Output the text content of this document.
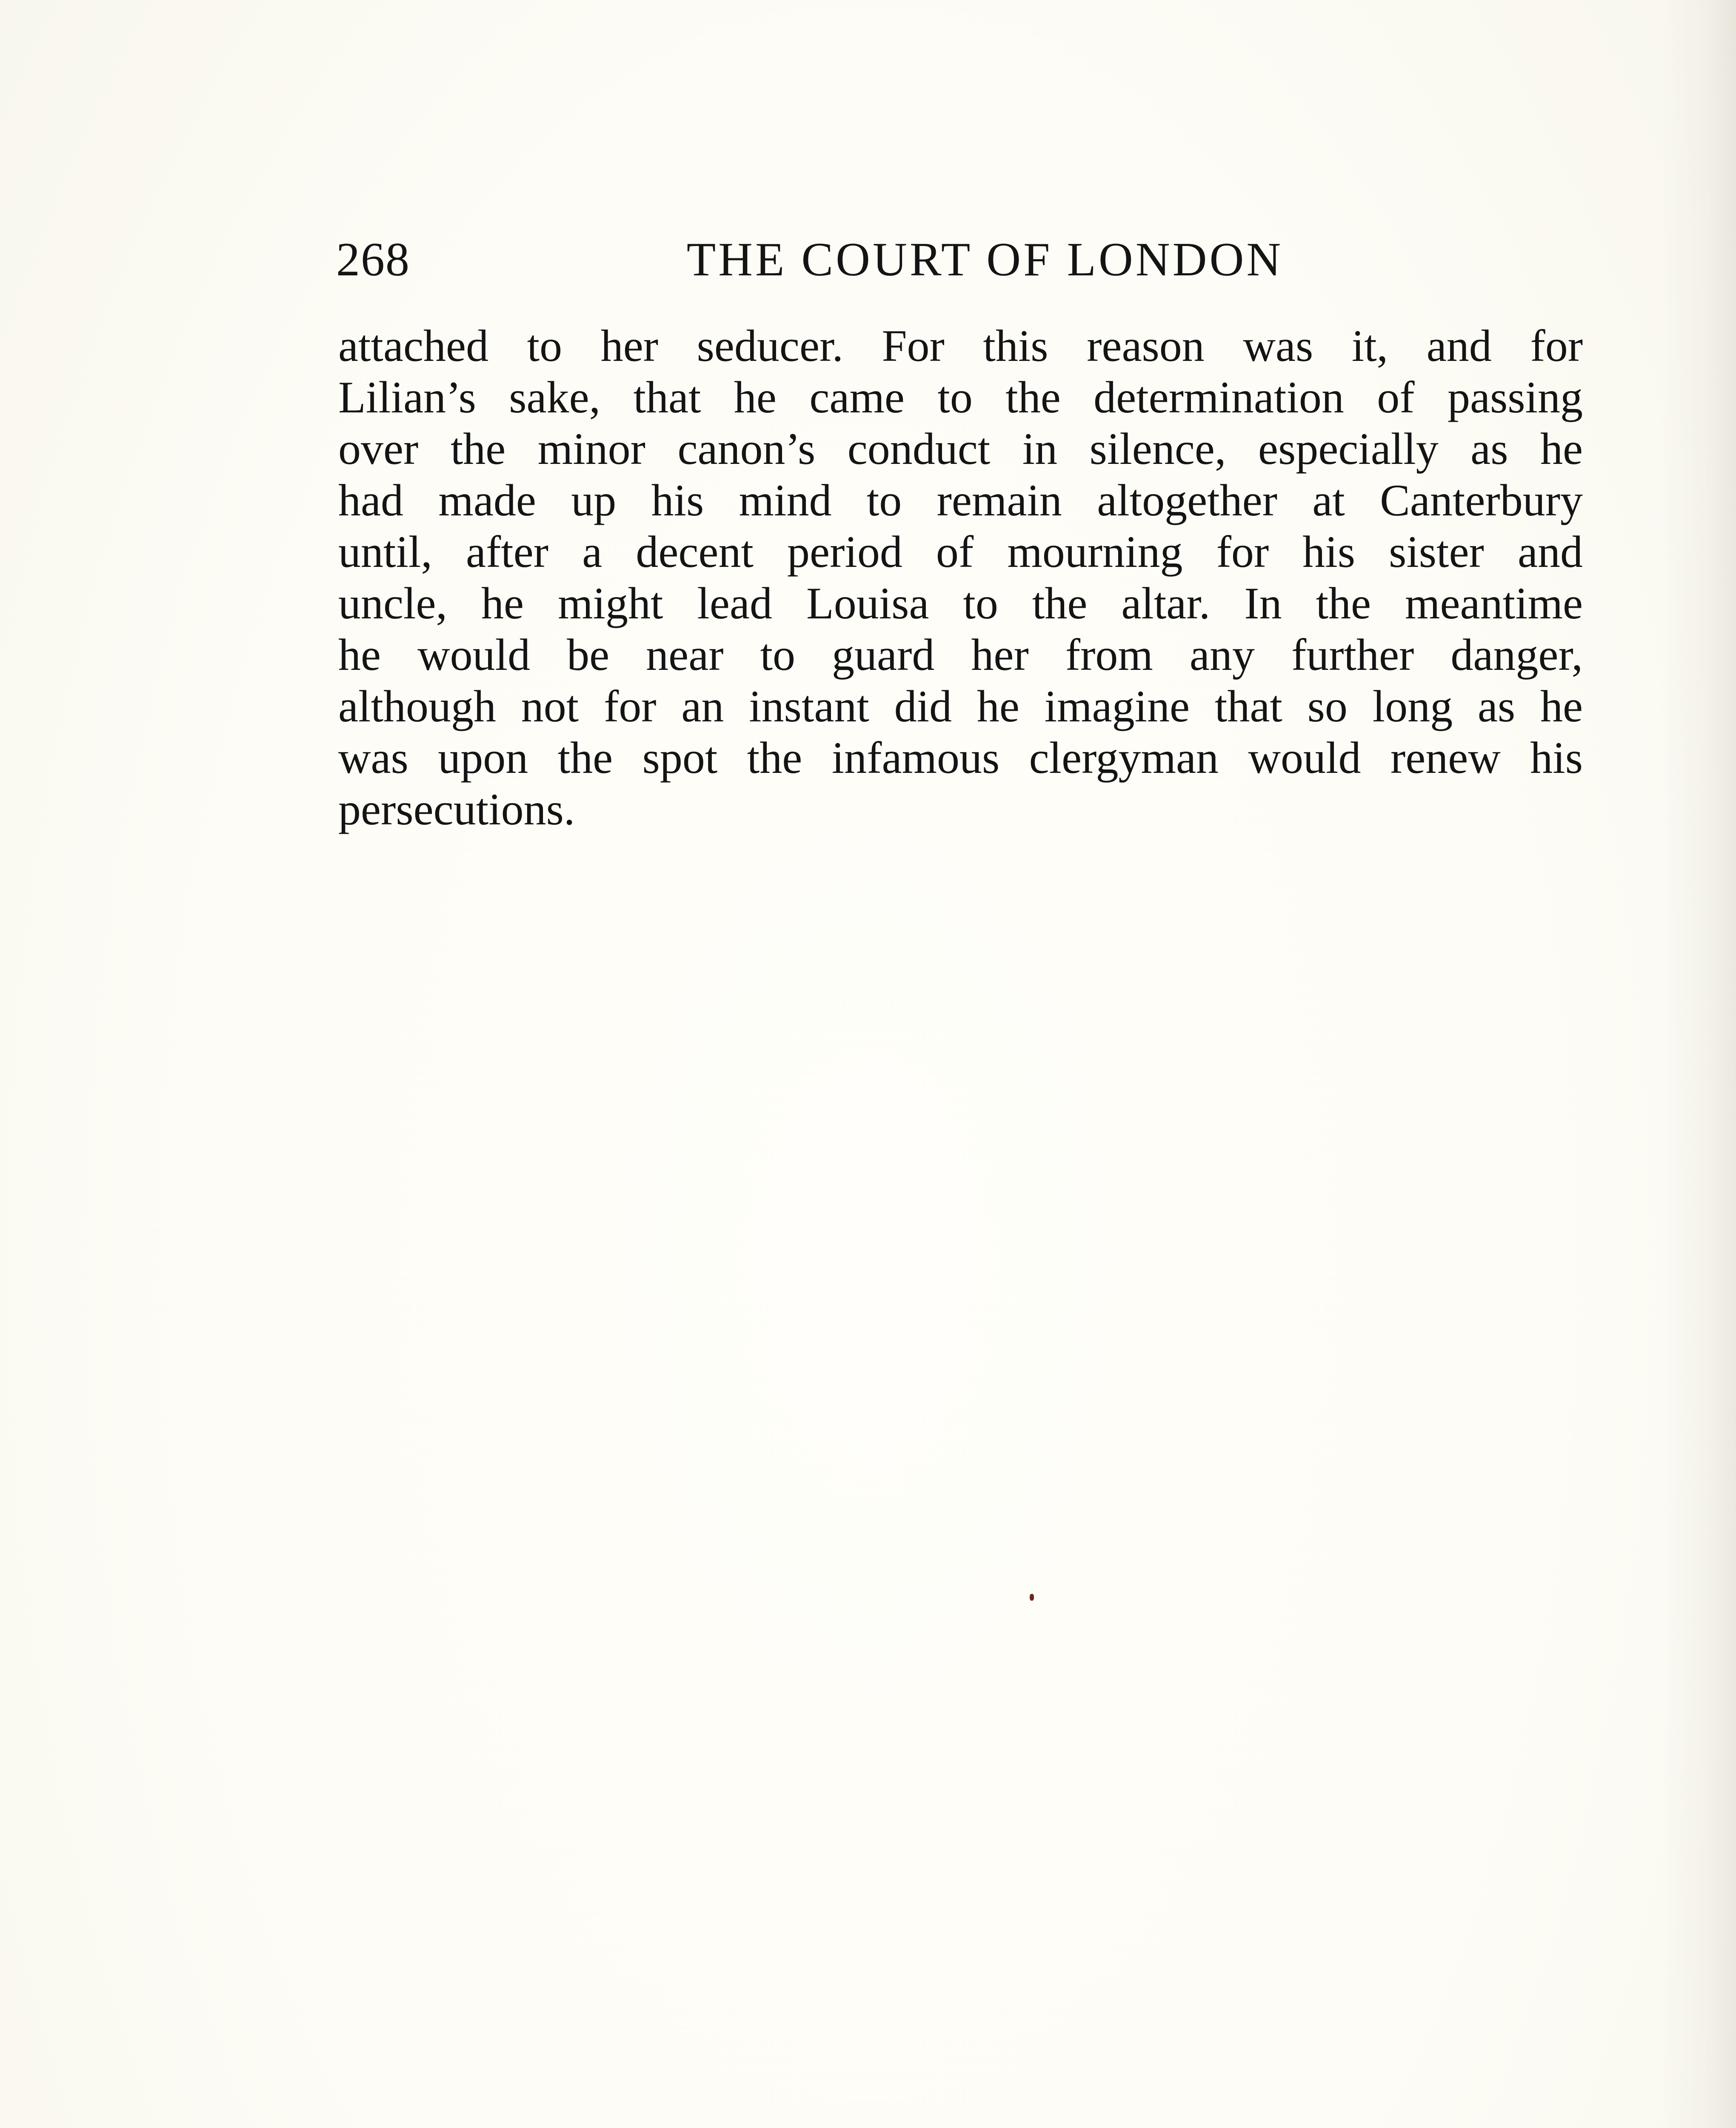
268	THE COURT OF LONDON
attached to her seducer. For this reason was it, and for
Lilian’s sake, that he came to the determination of passing
over the minor canon’s conduct in silence, especially as he
had made up his mind to remain altogether at Canterbury
until, after a decent period of mourning for his sister and
uncle, he might lead Louisa to the altar. In the meantime
he would be near to guard her from any further danger,
although not for an instant did he imagine that so long as he
was upon the spot the infamous clergyman would renew his
persecutions.
